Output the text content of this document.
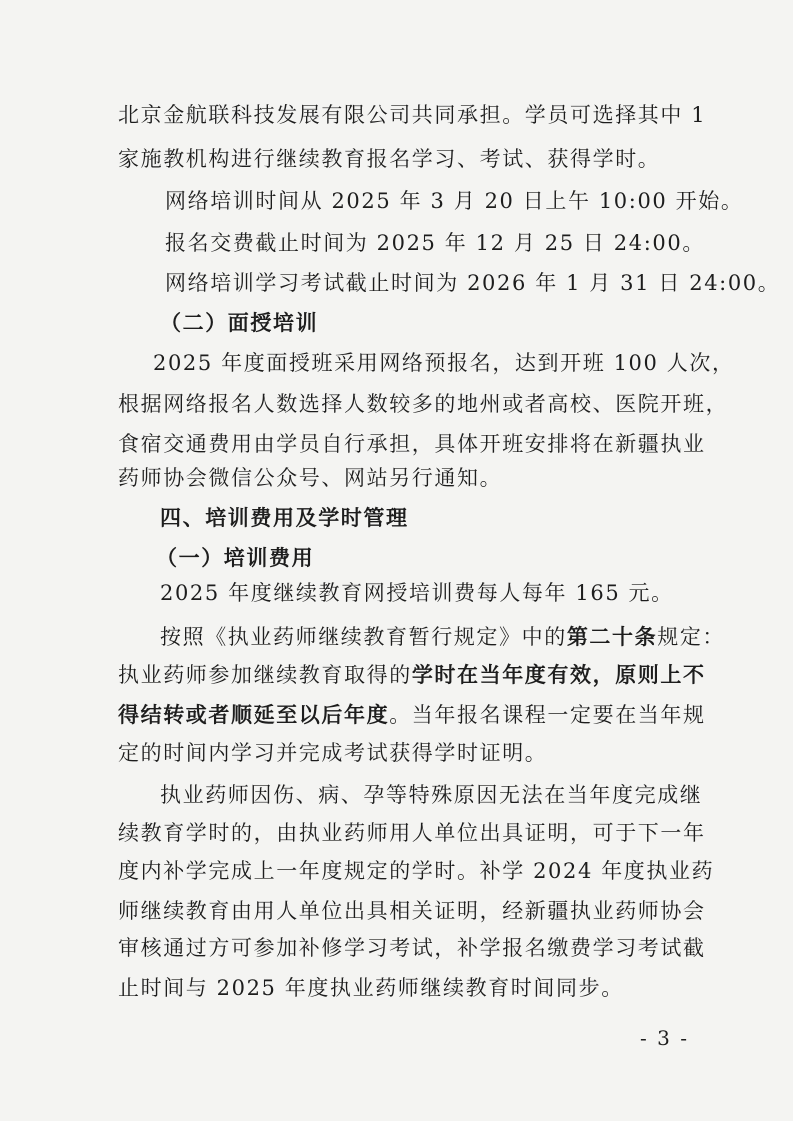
北京金航联科技发展有限公司共同承担。学员可选择其中 1
家施教机构进行继续教育报名学习、考试、获得学时。
网络培训时间从 2025 年 3 月 20 日上午 10:00 开始。
报名交费截止时间为 2025 年 12 月 25 日 24:00。
网络培训学习考试截止时间为 2026 年 1 月 31 日 24:00。
（二）面授培训
2025 年度面授班采用网络预报名，达到开班 100 人次，
根据网络报名人数选择人数较多的地州或者高校、医院开班，
食宿交通费用由学员自行承担，具体开班安排将在新疆执业
药师协会微信公众号、网站另行通知。
四、培训费用及学时管理
（一）培训费用
2025 年度继续教育网授培训费每人每年 165 元。
按照《执业药师继续教育暂行规定》中的第二十条规定：
执业药师参加继续教育取得的学时在当年度有效，原则上不
得结转或者顺延至以后年度。当年报名课程一定要在当年规
定的时间内学习并完成考试获得学时证明。
执业药师因伤、病、孕等特殊原因无法在当年度完成继
续教育学时的，由执业药师用人单位出具证明，可于下一年
度内补学完成上一年度规定的学时。补学 2024 年度执业药
师继续教育由用人单位出具相关证明，经新疆执业药师协会
审核通过方可参加补修学习考试，补学报名缴费学习考试截
止时间与 2025 年度执业药师继续教育时间同步。
- 3 -
